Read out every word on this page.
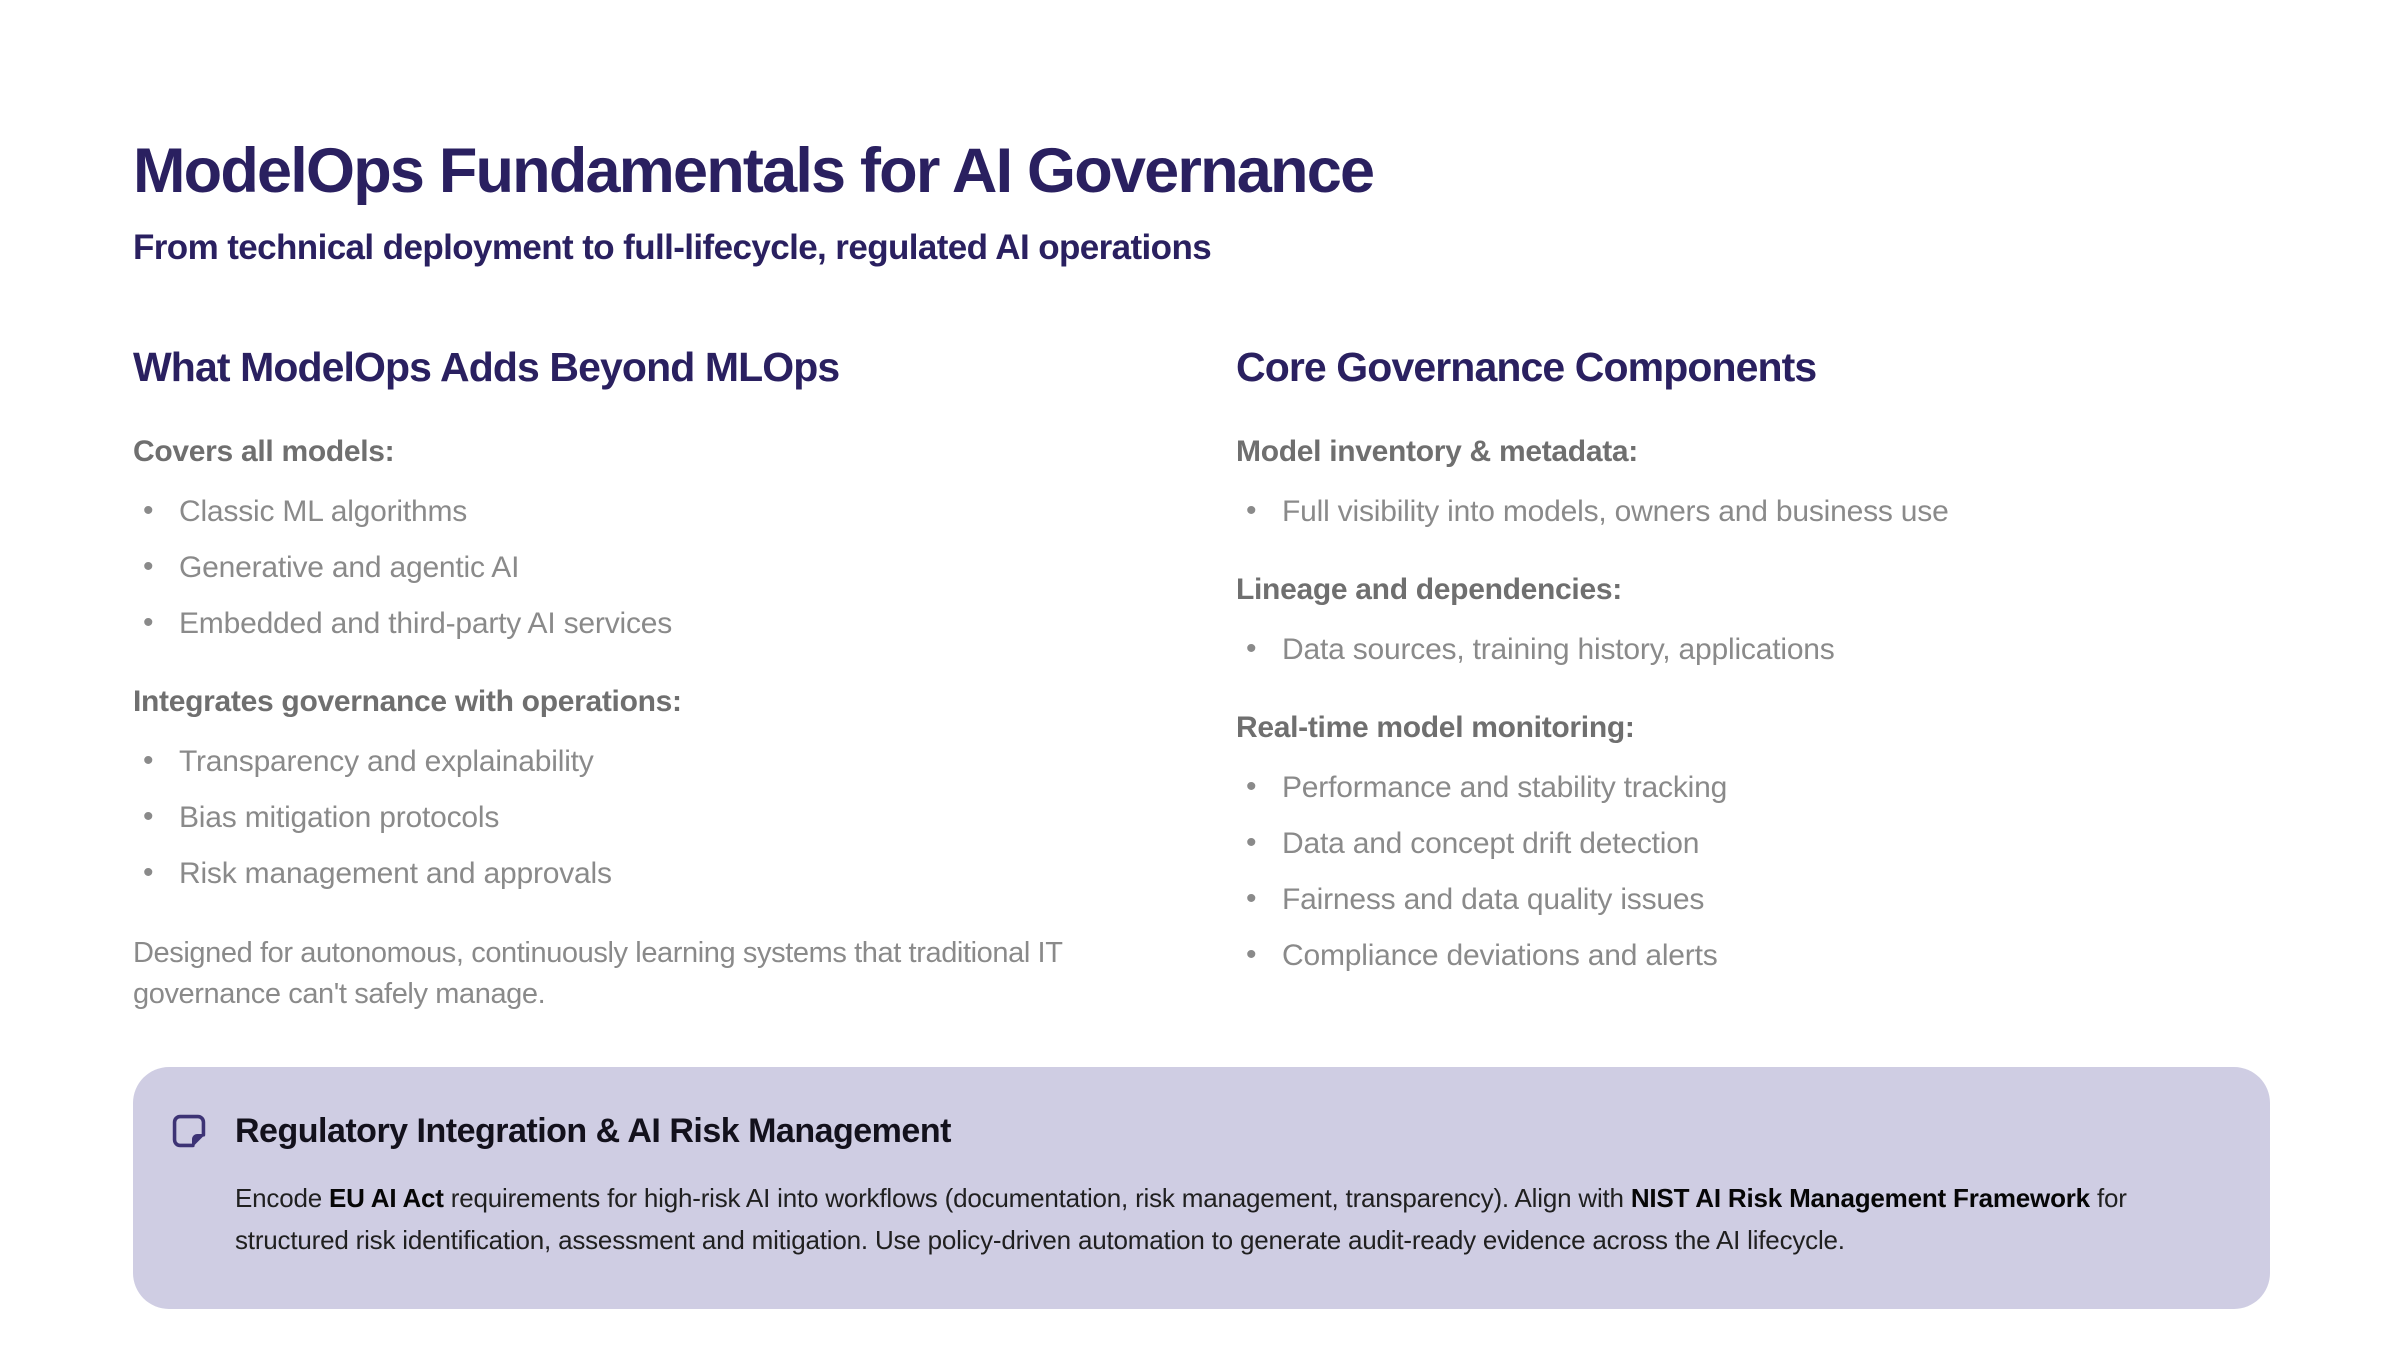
ModelOps Fundamentals for AI Governance
From technical deployment to full-lifecycle, regulated AI operations
What ModelOps Adds Beyond MLOps
Covers all models:
• Classic ML algorithms
• Generative and agentic AI
• Embedded and third-party AI services
Integrates governance with operations:
• Transparency and explainability
• Bias mitigation protocols
• Risk management and approvals
Designed for autonomous, continuously learning systems that traditional IT governance can't safely manage.
Core Governance Components
Model inventory & metadata:
• Full visibility into models, owners and business use
Lineage and dependencies:
• Data sources, training history, applications
Real-time model monitoring:
• Performance and stability tracking
• Data and concept drift detection
• Fairness and data quality issues
• Compliance deviations and alerts
Regulatory Integration & AI Risk Management

Encode EU AI Act requirements for high-risk AI into workflows (documentation, risk management, transparency). Align with NIST AI Risk Management Framework for structured risk identification, assessment and mitigation. Use policy-driven automation to generate audit-ready evidence across the AI lifecycle.
